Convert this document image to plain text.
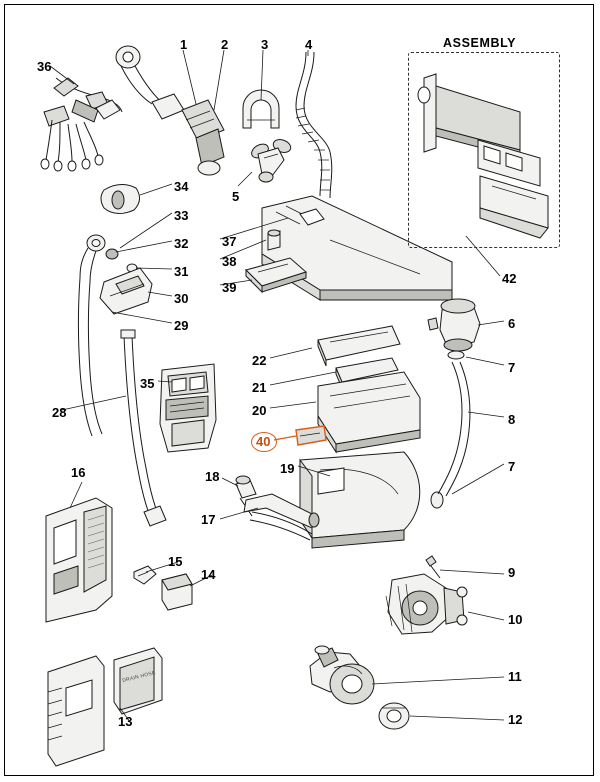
ASSEMBLY
1	2	3	4
36
34
5
33
32	37
38
31
39
30
29
42
6
7
22
21
35
20
8
28
40
19	7
18
16
17
9
15
14
10
11
12
13
DRAIN HOSE
